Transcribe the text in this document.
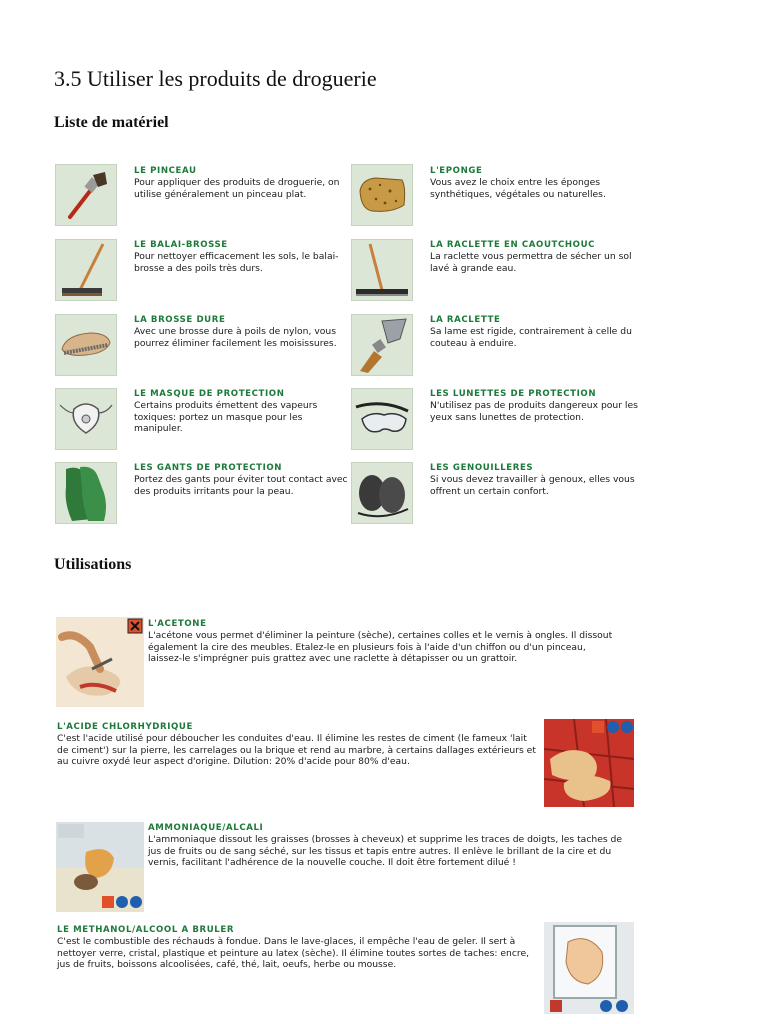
3.5 Utiliser les produits de droguerie
Liste de matériel
LE PINCEAU
Pour appliquer des produits de droguerie, on utilise généralement un pinceau plat.
L'EPONGE
Vous avez le choix entre les éponges synthétiques, végétales ou naturelles.
LE BALAI-BROSSE
Pour nettoyer efficacement les sols, le balai-brosse a des poils très durs.
LA RACLETTE EN CAOUTCHOUC
La raclette vous permettra de sécher un sol lavé à grande eau.
LA BROSSE DURE
Avec une brosse dure à poils de nylon, vous pourrez éliminer facilement les moisissures.
LA RACLETTE
Sa lame est rigide, contrairement à celle du couteau à enduire.
LE MASQUE DE PROTECTION
Certains produits émettent des vapeurs toxiques: portez un masque pour les manipuler.
LES LUNETTES DE PROTECTION
N'utilisez pas de produits dangereux pour les yeux sans lunettes de protection.
LES GANTS DE PROTECTION
Portez des gants pour éviter tout contact avec des produits irritants pour la peau.
LES GENOUILLERES
Si vous devez travailler à genoux, elles vous offrent un certain confort.
Utilisations
L'ACETONE
L'acétone vous permet d'éliminer la peinture (sèche), certaines colles et le vernis à ongles. Il dissout également la cire des meubles. Etalez-le en plusieurs fois à l'aide d'un chiffon ou d'un pinceau, laissez-le s'imprégner puis grattez avec une raclette à détapisser ou un grattoir.
L'ACIDE CHLORHYDRIQUE
C'est l'acide utilisé pour déboucher les conduites d'eau. Il élimine les restes de ciment (le fameux 'lait de ciment') sur la pierre, les carrelages ou la brique et rend au marbre, à certains dallages extérieurs et au cuivre oxydé leur aspect d'origine. Dilution: 20% d'acide pour 80% d'eau.
AMMONIAQUE/ALCALI
L'ammoniaque dissout les graisses (brosses à cheveux) et supprime les traces de doigts, les taches de jus de fruits ou de sang séché, sur les tissus et tapis entre autres. Il enlève le brillant de la cire et du vernis, facilitant l'adhérence de la nouvelle couche. Il doit être fortement dilué !
LE METHANOL/ALCOOL A BRULER
C'est le combustible des réchauds à fondue. Dans le lave-glaces, il empêche l'eau de geler. Il sert à nettoyer verre, cristal, plastique et peinture au latex (sèche). Il élimine toutes sortes de taches: encre, jus de fruits, boissons alcoolisées, café, thé, lait, oeufs, herbe ou mousse.
